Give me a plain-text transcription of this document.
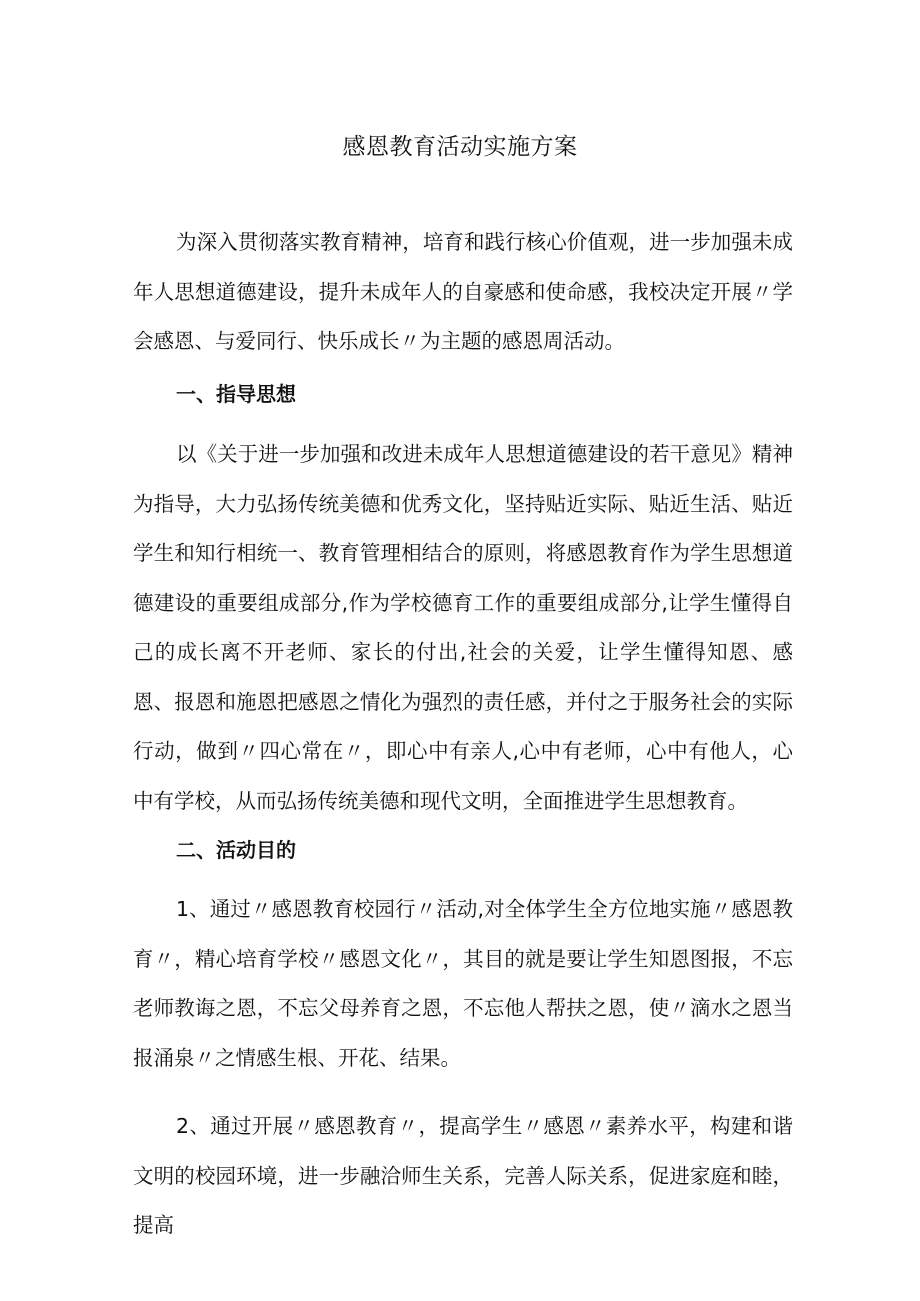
感恩教育活动实施方案

为深入贯彻落实教育精神，培育和践行核心价值观，进一步加强未成年人思想道德建设，提升未成年人的自豪感和使命感，我校决定开展〃学会感恩、与爱同行、快乐成长〃为主题的感恩周活动。

一、指导思想

以《关于进一步加强和改进未成年人思想道德建设的若干意见》精神为指导，大力弘扬传统美德和优秀文化，坚持贴近实际、贴近生活、贴近学生和知行相统一、教育管理相结合的原则，将感恩教育作为学生思想道德建设的重要组成部分,作为学校德育工作的重要组成部分,让学生懂得自己的成长离不开老师、家长的付出,社会的关爱，让学生懂得知恩、感恩、报恩和施恩把感恩之情化为强烈的责任感，并付之于服务社会的实际行动，做到〃四心常在〃，即心中有亲人,心中有老师，心中有他人，心中有学校，从而弘扬传统美德和现代文明，全面推进学生思想教育。

二、活动目的

1、通过〃感恩教育校园行〃活动,对全体学生全方位地实施〃感恩教育〃，精心培育学校〃感恩文化〃，其目的就是要让学生知恩图报，不忘老师教诲之恩，不忘父母养育之恩，不忘他人帮扶之恩，使〃滴水之恩当报涌泉〃之情感生根、开花、结果。

2、通过开展〃感恩教育〃，提高学生〃感恩〃素养水平，构建和谐文明的校园环境，进一步融洽师生关系，完善人际关系，促进家庭和睦，提高
